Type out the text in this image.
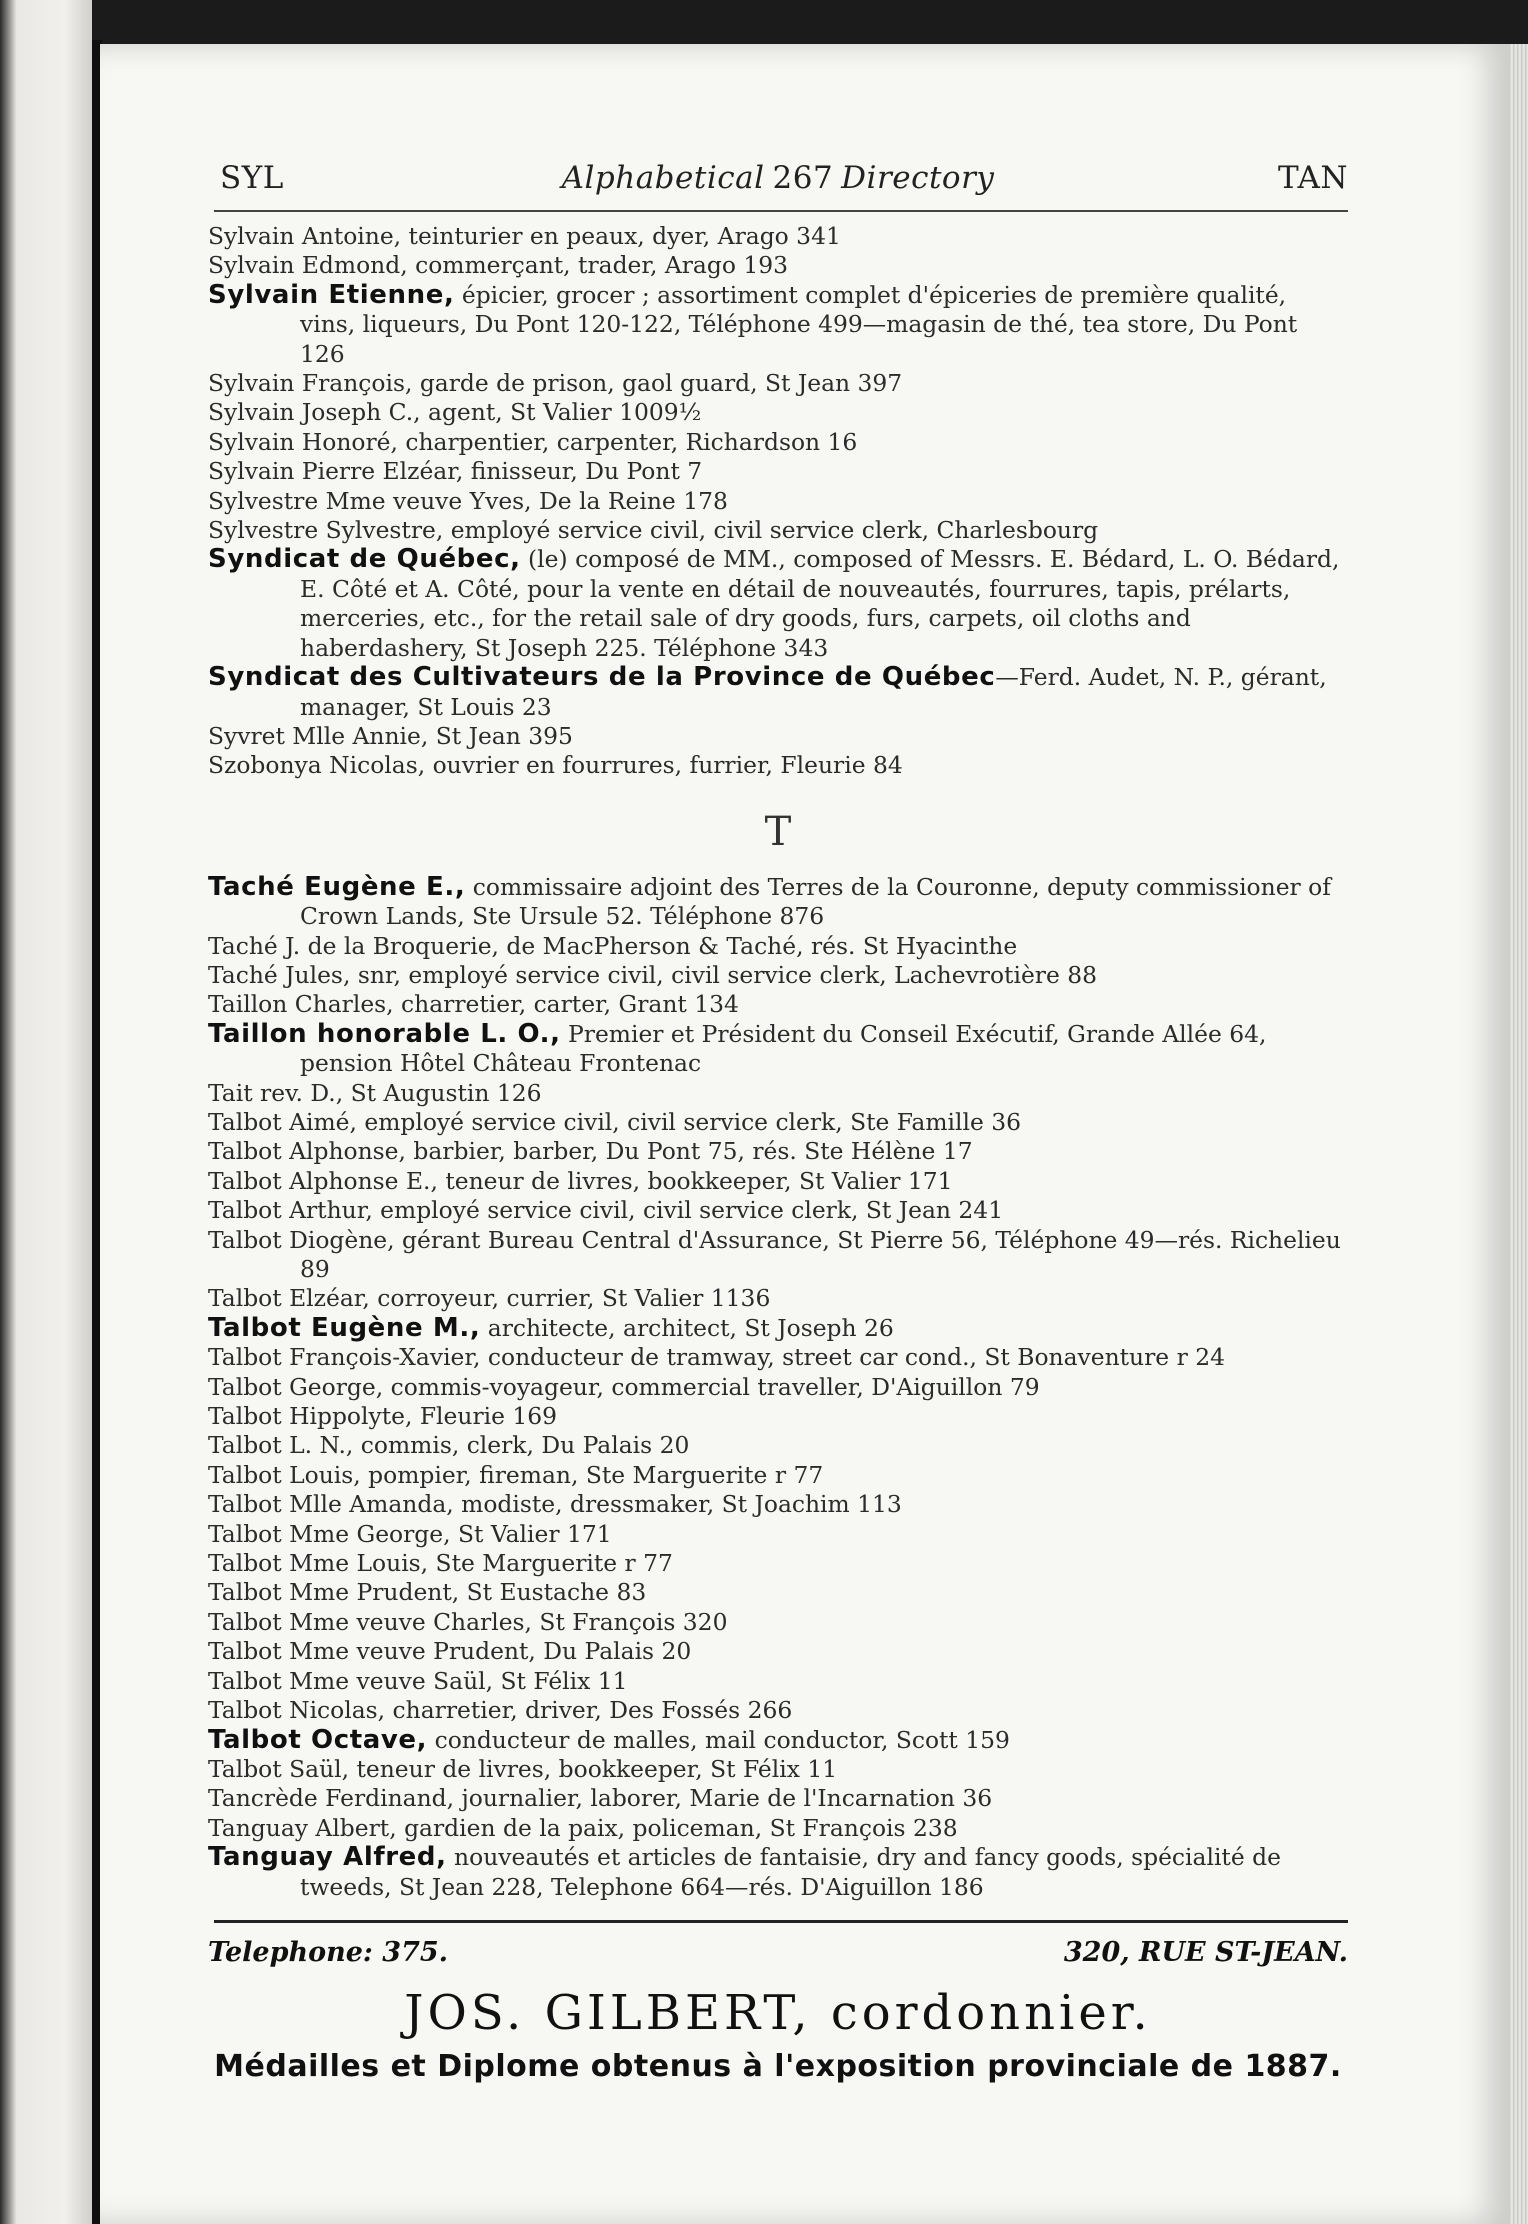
SYL	Alphabetical 267 Directory	TAN
Sylvain Antoine, teinturier en peaux, dyer, Arago 341
Sylvain Edmond, commerçant, trader, Arago 193
Sylvain Etienne, épicier, grocer ; assortiment complet d'épiceries de première qualité, vins, liqueurs, Du Pont 120-122, Téléphone 499—magasin de thé, tea store, Du Pont 126
Sylvain François, garde de prison, gaol guard, St Jean 397
Sylvain Joseph C., agent, St Valier 1009½
Sylvain Honoré, charpentier, carpenter, Richardson 16
Sylvain Pierre Elzéar, finisseur, Du Pont 7
Sylvestre Mme veuve Yves, De la Reine 178
Sylvestre Sylvestre, employé service civil, civil service clerk, Charlesbourg
Syndicat de Québec, (le) composé de MM., composed of Messrs. E. Bédard, L. O. Bédard, E. Côté et A. Côté, pour la vente en détail de nouveautés, fourrures, tapis, prélarts, merceries, etc., for the retail sale of dry goods, furs, carpets, oil cloths and haberdashery, St Joseph 225. Téléphone 343
Syndicat des Cultivateurs de la Province de Québec—Ferd. Audet, N. P., gérant, manager, St Louis 23
Syvret Mlle Annie, St Jean 395
Szobonya Nicolas, ouvrier en fourrures, furrier, Fleurie 84
T
Taché Eugène E., commissaire adjoint des Terres de la Couronne, deputy commissioner of Crown Lands, Ste Ursule 52. Téléphone 876
Taché J. de la Broquerie, de MacPherson & Taché, rés. St Hyacinthe
Taché Jules, snr, employé service civil, civil service clerk, Lachevrotière 88
Taillon Charles, charretier, carter, Grant 134
Taillon honorable L. O., Premier et Président du Conseil Exécutif, Grande Allée 64, pension Hôtel Château Frontenac
Tait rev. D., St Augustin 126
Talbot Aimé, employé service civil, civil service clerk, Ste Famille 36
Talbot Alphonse, barbier, barber, Du Pont 75, rés. Ste Hélène 17
Talbot Alphonse E., teneur de livres, bookkeeper, St Valier 171
Talbot Arthur, employé service civil, civil service clerk, St Jean 241
Talbot Diogène, gérant Bureau Central d'Assurance, St Pierre 56, Téléphone 49—rés. Richelieu 89
Talbot Elzéar, corroyeur, currier, St Valier 1136
Talbot Eugène M., architecte, architect, St Joseph 26
Talbot François-Xavier, conducteur de tramway, street car cond., St Bonaventure r 24
Talbot George, commis-voyageur, commercial traveller, D'Aiguillon 79
Talbot Hippolyte, Fleurie 169
Talbot L. N., commis, clerk, Du Palais 20
Talbot Louis, pompier, fireman, Ste Marguerite r 77
Talbot Mlle Amanda, modiste, dressmaker, St Joachim 113
Talbot Mme George, St Valier 171
Talbot Mme Louis, Ste Marguerite r 77
Talbot Mme Prudent, St Eustache 83
Talbot Mme veuve Charles, St François 320
Talbot Mme veuve Prudent, Du Palais 20
Talbot Mme veuve Saül, St Félix 11
Talbot Nicolas, charretier, driver, Des Fossés 266
Talbot Octave, conducteur de malles, mail conductor, Scott 159
Talbot Saül, teneur de livres, bookkeeper, St Félix 11
Tancrède Ferdinand, journalier, laborer, Marie de l'Incarnation 36
Tanguay Albert, gardien de la paix, policeman, St François 238
Tanguay Alfred, nouveautés et articles de fantaisie, dry and fancy goods, spécialité de tweeds, St Jean 228, Telephone 664—rés. D'Aiguillon 186
Telephone: 375.	320, RUE ST-JEAN.
JOS. GILBERT, cordonnier.
Médailles et Diplome obtenus à l'exposition provinciale de 1887.
